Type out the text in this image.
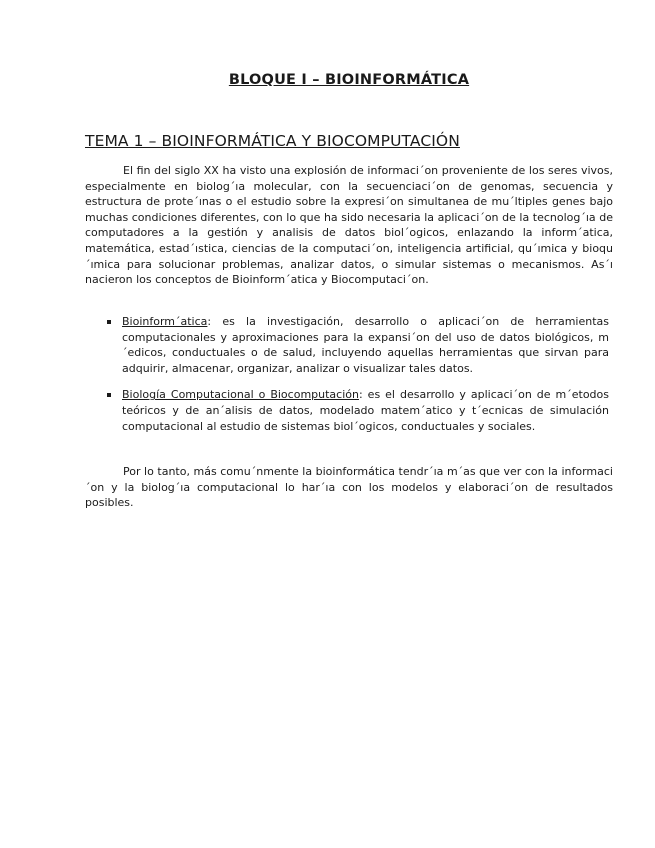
BLOQUE I – BIOINFORMÁTICA
TEMA 1 – BIOINFORMÁTICA Y BIOCOMPUTACIÓN

El fin del siglo XX ha visto una explosión de informaci´on proveniente de los seres vivos, especialmente en biolog´ıa molecular, con la secuenciaci´on de genomas, secuencia y estructura de prote´ınas o el estudio sobre la expresi´on simultanea de mu´ltiples genes bajo muchas condiciones diferentes, con lo que ha sido necesaria la aplicaci´on de la tecnolog´ıa de computadores a la gestión y analisis de datos biol´ogicos, enlazando la inform´atica, matemática, estad´ıstica, ciencias de la computaci´on, inteligencia artificial, qu´ımica y bioqu´ımica para solucionar problemas, analizar datos, o simular sistemas o mecanismos. As´ı nacieron los conceptos de Bioinform´atica y Biocomputaci´on.

Bioinform´atica: es la investigación, desarrollo o aplicaci´on de herramientas computacionales y aproximaciones para la expansi´on del uso de datos biológicos, m´edicos, conductuales o de salud, incluyendo aquellas herramientas que sirvan para adquirir, almacenar, organizar, analizar o visualizar tales datos.
Biología Computacional o Biocomputación: es el desarrollo y aplicaci´on de m´etodos teóricos y de an´alisis de datos, modelado matem´atico y t´ecnicas de simulación computacional al estudio de sistemas biol´ogicos, conductuales y sociales.

Por lo tanto, más comu´nmente la bioinformática tendr´ıa m´as que ver con la informaci´on y la biolog´ıa computacional lo har´ıa con los modelos y elaboraci´on de resultados posibles.
